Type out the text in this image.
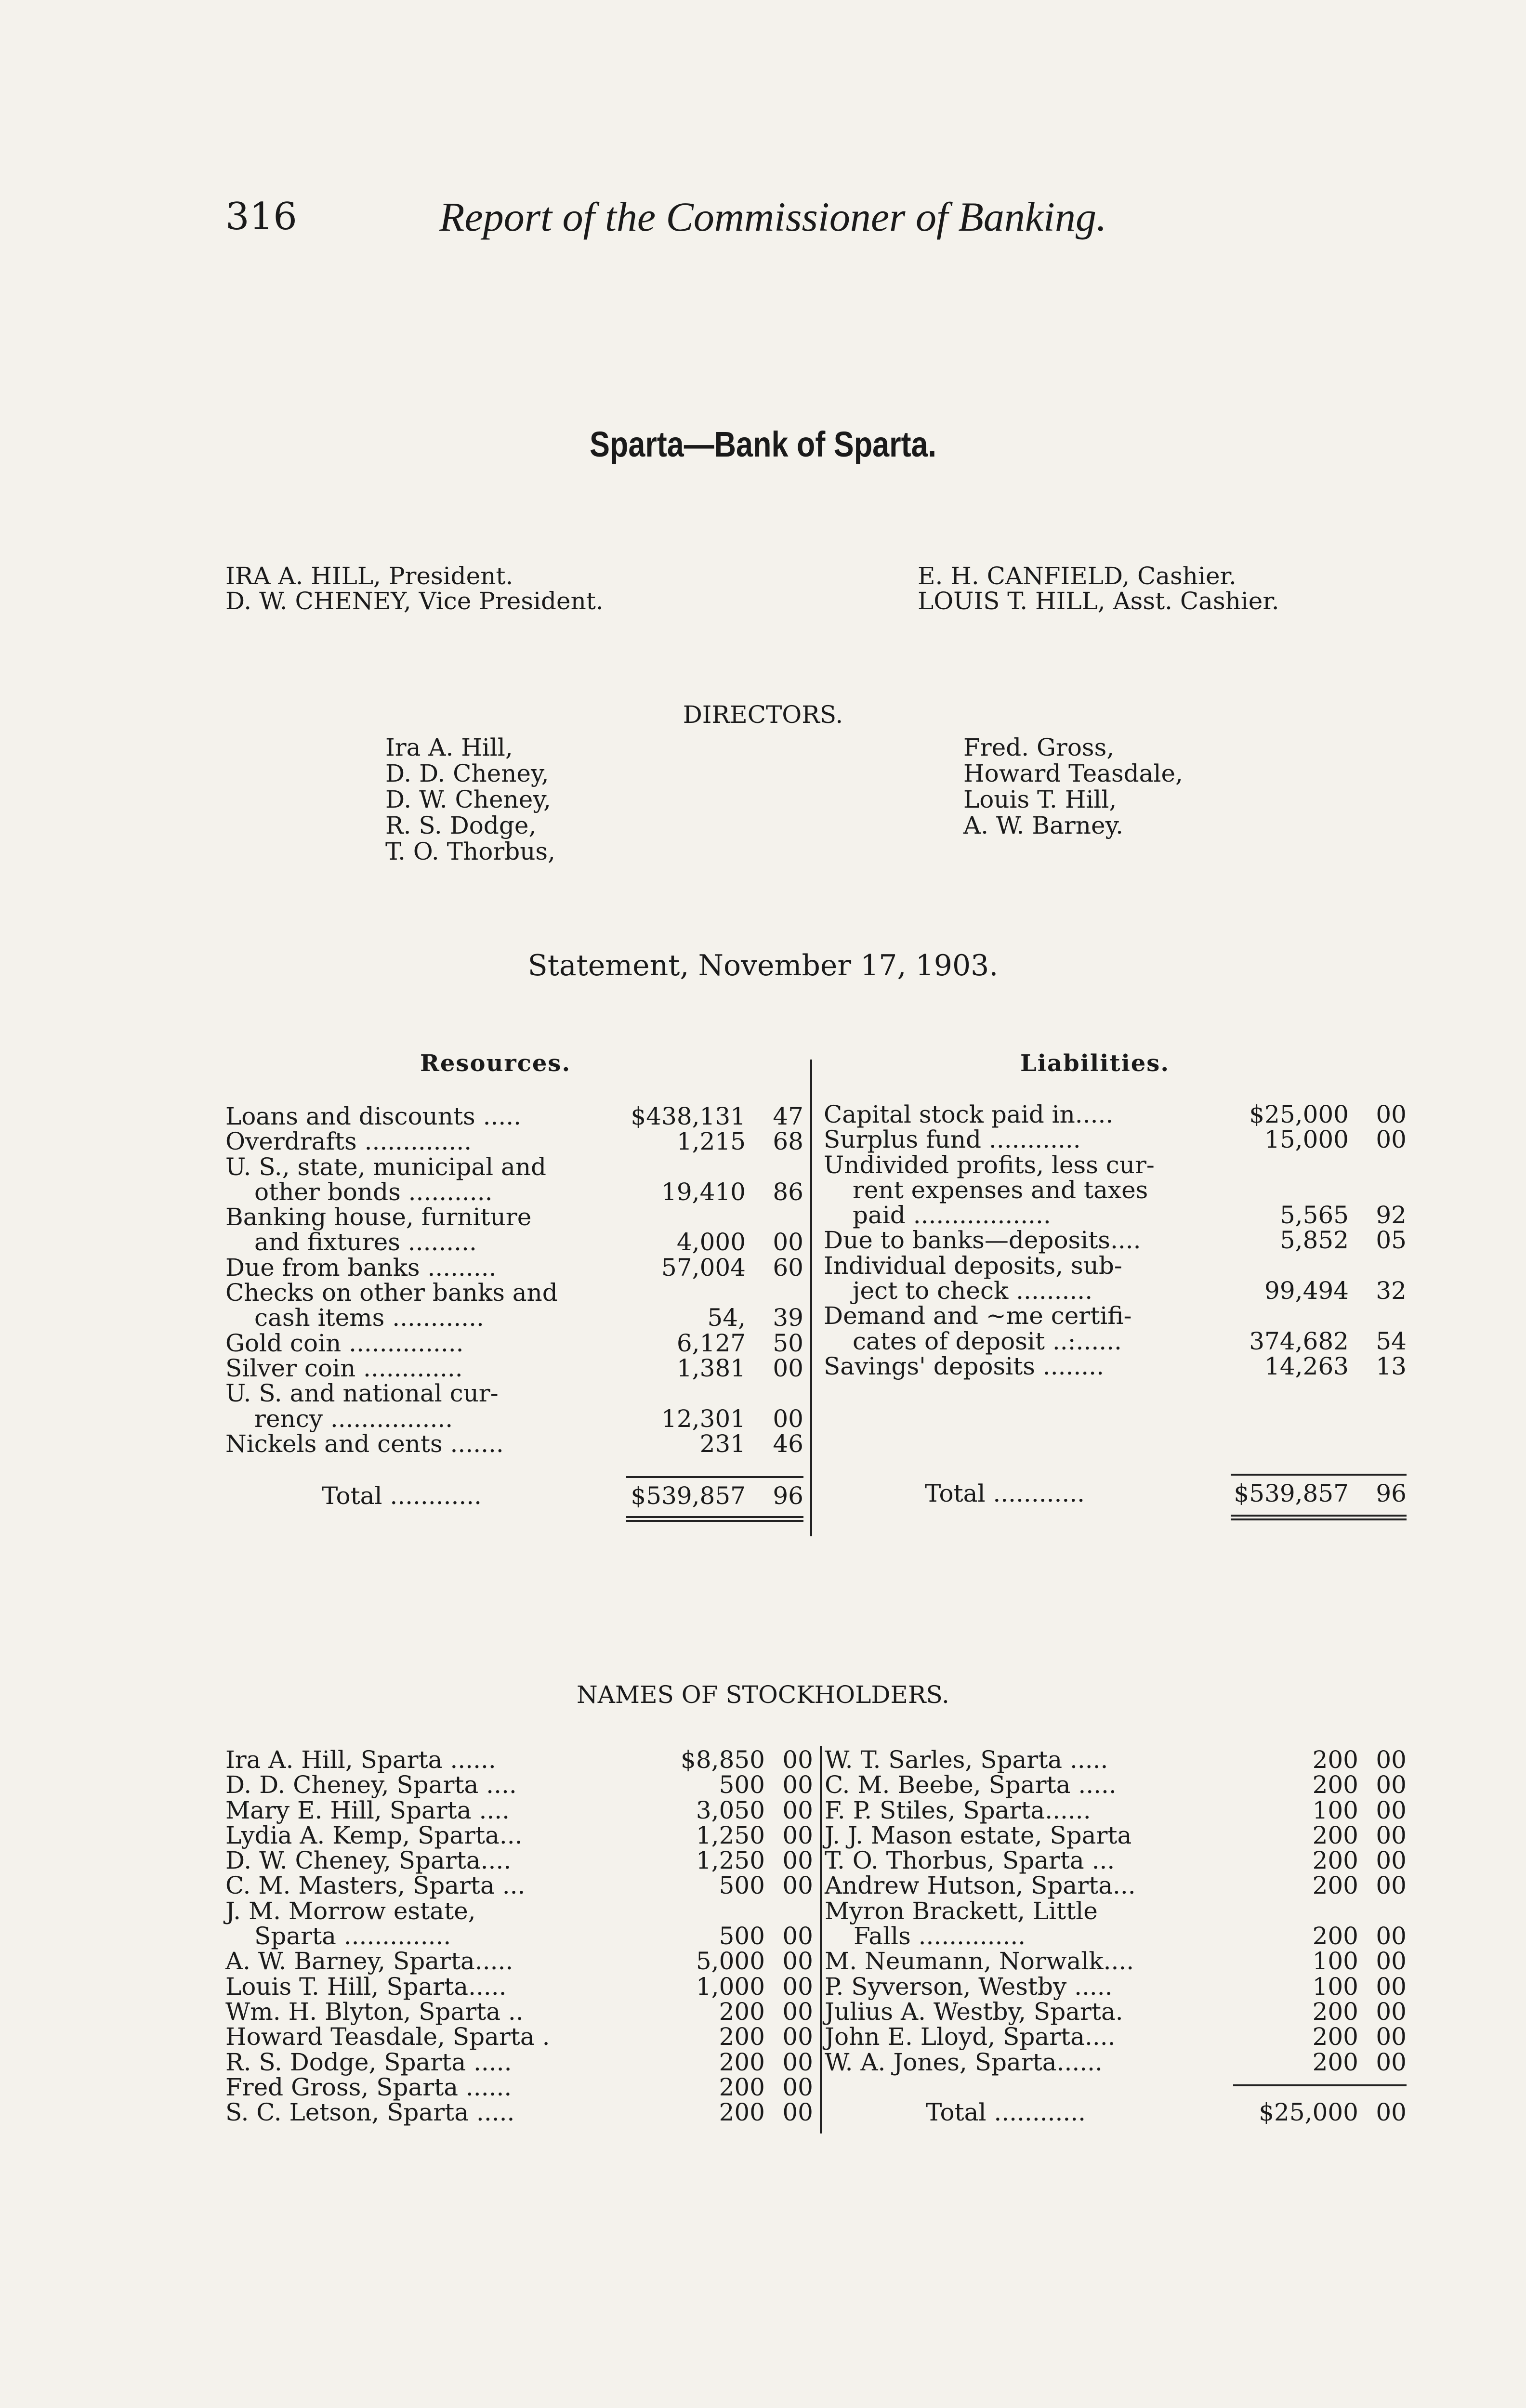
316	Report of the Commissioner of Banking.
Sparta—Bank of Sparta.
IRA A. HILL, President.
D. W. CHENEY, Vice President.
E. H. CANFIELD, Cashier.
LOUIS T. HILL, Asst. Cashier.
DIRECTORS.
Ira A. Hill,
D. D. Cheney,
D. W. Cheney,
R. S. Dodge,
T. O. Thorbus,
Fred. Gross,
Howard Teasdale,
Louis T. Hill,
A. W. Barney.
Statement, November 17, 1903.
Resources.	Liabilities.
Loans and discounts .....	$438,131 47
Overdrafts ..............	1,215 68
U. S., state, municipal and
other bonds ...........	19,410 86
Banking house, furniture
and fixtures .........	4,000 00
Due from banks .........	57,004 60
Checks on other banks and
cash items ............	54, 39
Gold coin ...............	6,127 50
Silver coin .............	1,381 00
U. S. and national cur-
rency ................	12,301 00
Nickels and cents .......	231 46
Capital stock paid in.....	$25,000 00
Surplus fund ............	15,000 00
Undivided profits, less cur-
rent expenses and taxes
paid ..................	5,565 92
Due to banks—deposits....	5,852 05
Individual deposits, sub-
ject to check ..........	99,494 32
Demand and ~me certifi-
cates of deposit ..:......	374,682 54
Savings' deposits ........	14,263 13
Total ............	$539,857 96	Total ............	$539,857 96
NAMES OF STOCKHOLDERS.
Ira A. Hill, Sparta ......	$8,850 00
D. D. Cheney, Sparta ....	500 00
Mary E. Hill, Sparta ....	3,050 00
Lydia A. Kemp, Sparta...	1,250 00
D. W. Cheney, Sparta....	1,250 00
C. M. Masters, Sparta ...	500 00
J. M. Morrow estate,
Sparta ..............	500 00
A. W. Barney, Sparta.....	5,000 00
Louis T. Hill, Sparta.....	1,000 00
Wm. H. Blyton, Sparta ..	200 00
Howard Teasdale, Sparta .	200 00
R. S. Dodge, Sparta .....	200 00
Fred Gross, Sparta ......	200 00
S. C. Letson, Sparta .....	200 00
W. T. Sarles, Sparta .....	200 00
C. M. Beebe, Sparta .....	200 00
F. P. Stiles, Sparta......	100 00
J. J. Mason estate, Sparta	200 00
T. O. Thorbus, Sparta ...	200 00
Andrew Hutson, Sparta...	200 00
Myron Brackett, Little
Falls ..............	200 00
M. Neumann, Norwalk....	100 00
P. Syverson, Westby .....	100 00
Julius A. Westby, Sparta.	200 00
John E. Lloyd, Sparta....	200 00
W. A. Jones, Sparta......	200 00
Total ............	$25,000 00
